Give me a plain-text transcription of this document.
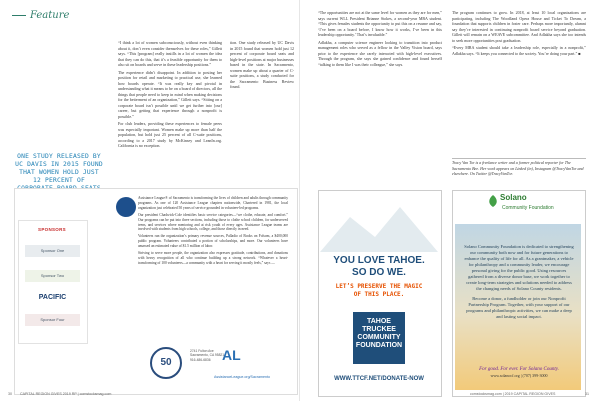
Feature
ONE STUDY RELEASED BY UC DAVIS IN 2015 FOUND THAT WOMEN HOLD JUST 12 PERCENT OF

“I think a lot of women subconsciously, without even thinking about it, don’t even consider themselves for these roles,” Gillett says. “This [program] really instills in a lot of women the idea that they can do this, that it’s a feasible opportunity for them to also sit on boards and serve in these leadership positions.”

The experience didn’t disappoint. In addition to posting her position for retail and marketing to practical use, she learned how boards operate. “It was really key and pivotal in understanding what it means to be on a board of directors, all the things that people need to keep in mind when making decisions for the betterment of an organization,” Gillett says. “Sitting on a corporate board isn’t possible until we get further into [our] career, but getting that experience through a nonprofit is possible.”

For club leaders, providing these experiences to female peers was especially important. Women make up more than half the population, but hold just 25 percent of all C-suite positions, according to a 2017 study by McKinsey and LeanIn.org. California is no exception.

tion. One study released by UC Davis in 2015 found that women hold just 12 percent of corporate board seats and high-level positions at major businesses based in the state. In Sacramento, women make up about a quarter of C-suite positions, a study conducted for the Sacramento Business Review found.

“The opportunities are not at the same level for women as they are for men,” says current WLL President Brianne Stokes, a second-year MBA student. “This gives females students the opportunity to put this on a resume and say, ‘I’ve been on a board before, I know how it works, I’ve been in this leadership opportunity.’ That’s invaluable.”

Adlakha, a computer science engineer looking to transition into product management roles who served as a fellow in the Valley Vision board, says prior to the experience she rarely interacted with high-level executives. Through the program, she says she gained confidence and found herself “talking to them like I was their colleague,” she says.

The program continues to grow. In 2018, at least 10 local organizations are participating, including The Woodland Opera House and Ticket To Dream, a foundation that supports children in foster care. Perhaps more importantly, alumni say they’re interested in continuing nonprofit board service beyond graduation. Gillett will remain on a WEAVE subcommittee. And Adlakha says she too intends to seek more opportunities post graduation.

“Every MBA student should take a leadership role, especially in a nonprofit,” Adlakha says. “It keeps you connected to the society. You’re doing your part.” ■

Tracy Van Tor is a freelance writer and a former political reporter for The Sacramento Bee. Her work appears on Linked (in), Instagram @TracyVanTor and elsewhere. On Twitter @TracyVanTor.

Assistance League® of Sacramento is transforming the lives of children and adults through community programs. As one of 120 Assistance League chapters nationwide, Chartered in 1981, the local organization just celebrated 50 years of service grounded in volunteer-led programs.

Our president Chadwick-Cole identifies basic service categories—“we clothe, educate, and comfort.” Our programs can be put into three sections, including those to clothe school children, for underserved teens, and services where mentoring and at risk youth of every ages. Assistance League teams are involved with students from high schools, college, and those directly in need.

Volunteers run the organization’s primary revenue sources, Palladio of Books on Folsom, a $400,000 public program. Volunteers contributed a portion of scholarships, and more. Our volunteers have amassed an estimated value of $1.5 million of labor.

Striving to serve more people, the organization also expresses gratitude, contributions, and donations with heavy recognition of all who continue building up a strong network. “Whatever a heart-transforming of 100 volunteers—a community with a heart for serving it mostly feels,” says —

SPONSORS
Sponsor One
Sponsor Two
PACIFIC
Sponsor Four
50
2741 Fulton Ave
Sacramento, CA 95821
916-486-6836 AL
AssistanceLeague.org/Sacramento
YOU LOVE TAHOE.
SO DO WE.
LET’S PRESERVE THE MAGIC
OF THIS PLACE.
TAHOE
TRUCKEE
COMMUNITY
FOUNDATION
WWW.TTCF.NET/DONATE-NOW
Solano
Community Foundation
Solano Community Foundation is dedicated to strengthening our community both now and for future generations to enhance the quality of life for all. As a grantmaker, a vehicle for philanthropy and a community leader, we encourage personal giving for the public good. Using resources gathered from a diverse donor base, we work together to create long-term strategies and solutions needed to address the changing needs of Solano County residents.
Become a donor, a fundholder or join our Nonprofit Partnership Program. Together, with your support of our programs and philanthropic activities, we can make a deep and lasting social impact.
For good. For ever. For Solano County.
www.solanocf.org | (707) 399-3000
30 CAPITAL REGION GIVES 2019 RP | comstocksmag.com	comstocksmag.com | 2019 CAPITAL REGION GIVES	31
